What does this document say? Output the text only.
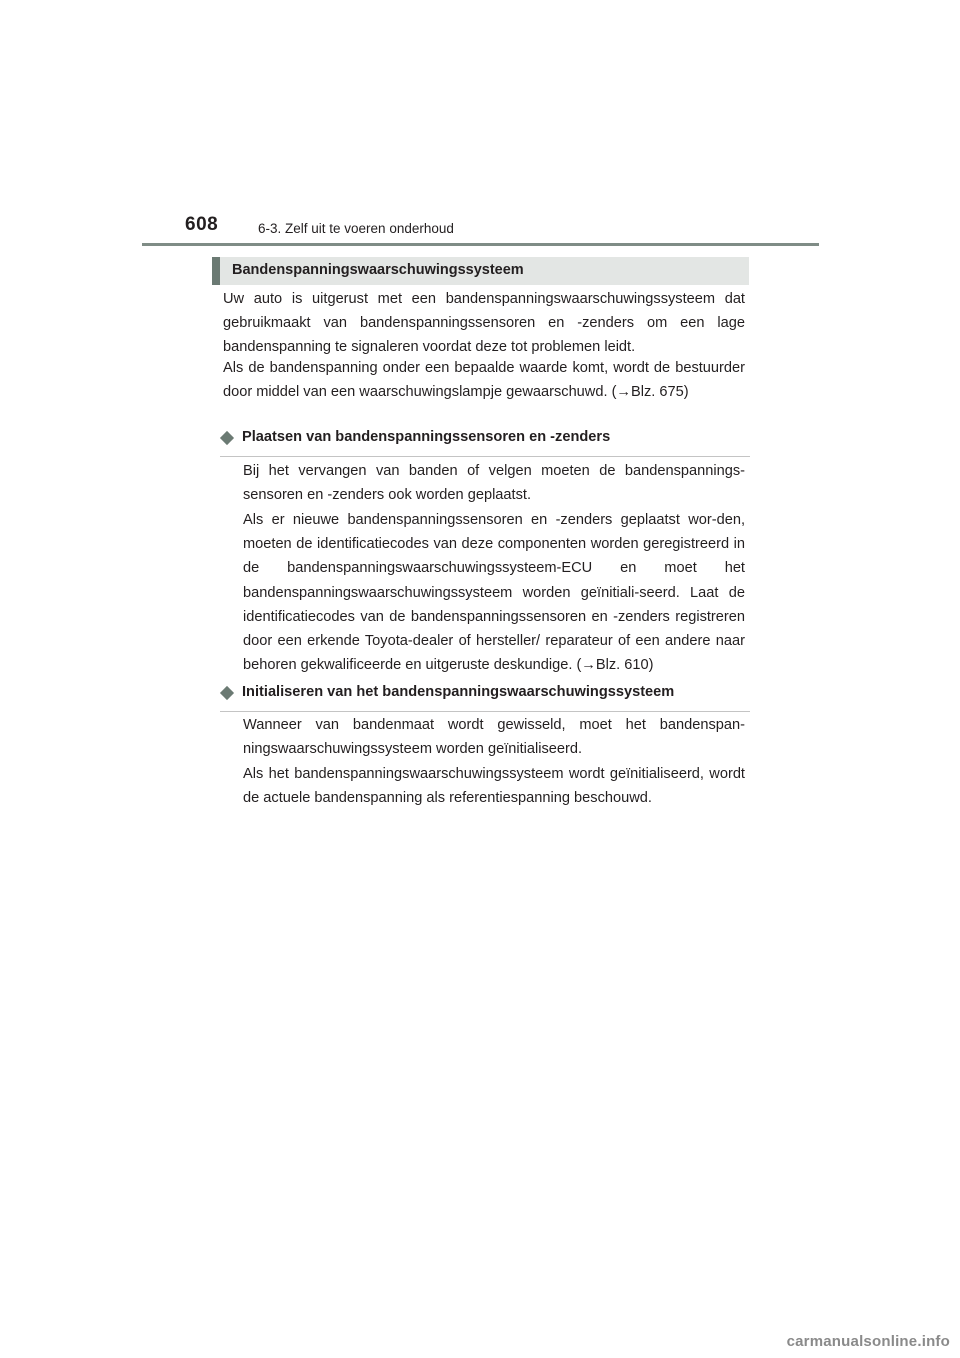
608	6-3. Zelf uit te voeren onderhoud
Bandenspanningswaarschuwingssysteem

Uw auto is uitgerust met een bandenspanningswaarschuwingssysteem dat gebruikmaakt van bandenspanningssensoren en -zenders om een lage bandenspanning te signaleren voordat deze tot problemen leidt.

Als de bandenspanning onder een bepaalde waarde komt, wordt de bestuurder door middel van een waarschuwingslampje gewaarschuwd. (→Blz. 675)

Plaatsen van bandenspanningssensoren en -zenders

Bij het vervangen van banden of velgen moeten de bandenspannings-sensoren en -zenders ook worden geplaatst.

Als er nieuwe bandenspanningssensoren en -zenders geplaatst wor-den, moeten de identificatiecodes van deze componenten worden geregistreerd in de bandenspanningswaarschuwingssysteem-ECU en moet het bandenspanningswaarschuwingssysteem worden geïnitiali-seerd. Laat de identificatiecodes van de bandenspanningssensoren en -zenders registreren door een erkende Toyota-dealer of hersteller/ reparateur of een andere naar behoren gekwalificeerde en uitgeruste deskundige. (→Blz. 610)

Initialiseren van het bandenspanningswaarschuwingssysteem

Wanneer van bandenmaat wordt gewisseld, moet het bandenspan-ningswaarschuwingssysteem worden geïnitialiseerd.

Als het bandenspanningswaarschuwingssysteem wordt geïnitialiseerd, wordt de actuele bandenspanning als referentiespanning beschouwd.

carmanualsonline.info
